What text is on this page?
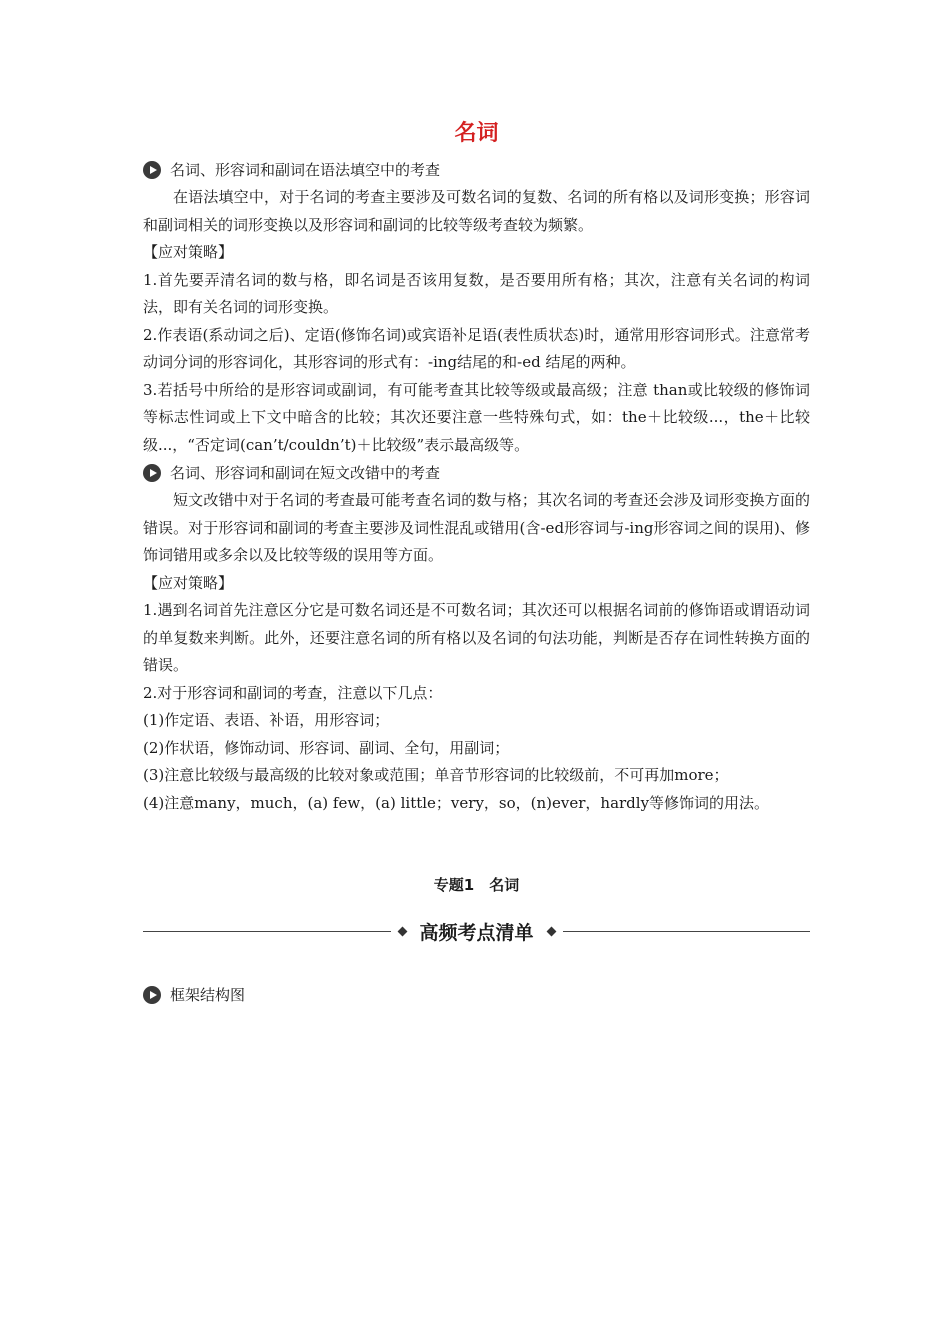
名词
名词、形容词和副词在语法填空中的考查

在语法填空中，对于名词的考查主要涉及可数名词的复数、名词的所有格以及词形变换；形容词和副词相关的词形变换以及形容词和副词的比较等级考查较为频繁。

【应对策略】

1.首先要弄清名词的数与格，即名词是否该用复数，是否要用所有格；其次，注意有关名词的构词法，即有关名词的词形变换。

2.作表语(系动词之后)、定语(修饰名词)或宾语补足语(表性质状态)时，通常用形容词形式。注意常考动词分词的形容词化，其形容词的形式有：-ing结尾的和-ed 结尾的两种。

3.若括号中所给的是形容词或副词，有可能考查其比较等级或最高级；注意 than或比较级的修饰词等标志性词或上下文中暗含的比较；其次还要注意一些特殊句式，如：the＋比较级...，the＋比较级...，“否定词(can’t/couldn’t)＋比较级”表示最高级等。

名词、形容词和副词在短文改错中的考查

短文改错中对于名词的考查最可能考查名词的数与格；其次名词的考查还会涉及词形变换方面的错误。对于形容词和副词的考查主要涉及词性混乱或错用(含-ed形容词与-ing形容词之间的误用)、修饰词错用或多余以及比较等级的误用等方面。

【应对策略】

1.遇到名词首先注意区分它是可数名词还是不可数名词；其次还可以根据名词前的修饰语或谓语动词的单复数来判断。此外，还要注意名词的所有格以及名词的句法功能，判断是否存在词性转换方面的错误。

2.对于形容词和副词的考查，注意以下几点：

(1)作定语、表语、补语，用形容词；

(2)作状语，修饰动词、形容词、副词、全句，用副词；

(3)注意比较级与最高级的比较对象或范围；单音节形容词的比较级前，不可再加more；

(4)注意many，much，(a) few，(a) little；very，so，(n)ever，hardly等修饰词的用法。

专题1　名词
高频考点清单
框架结构图
